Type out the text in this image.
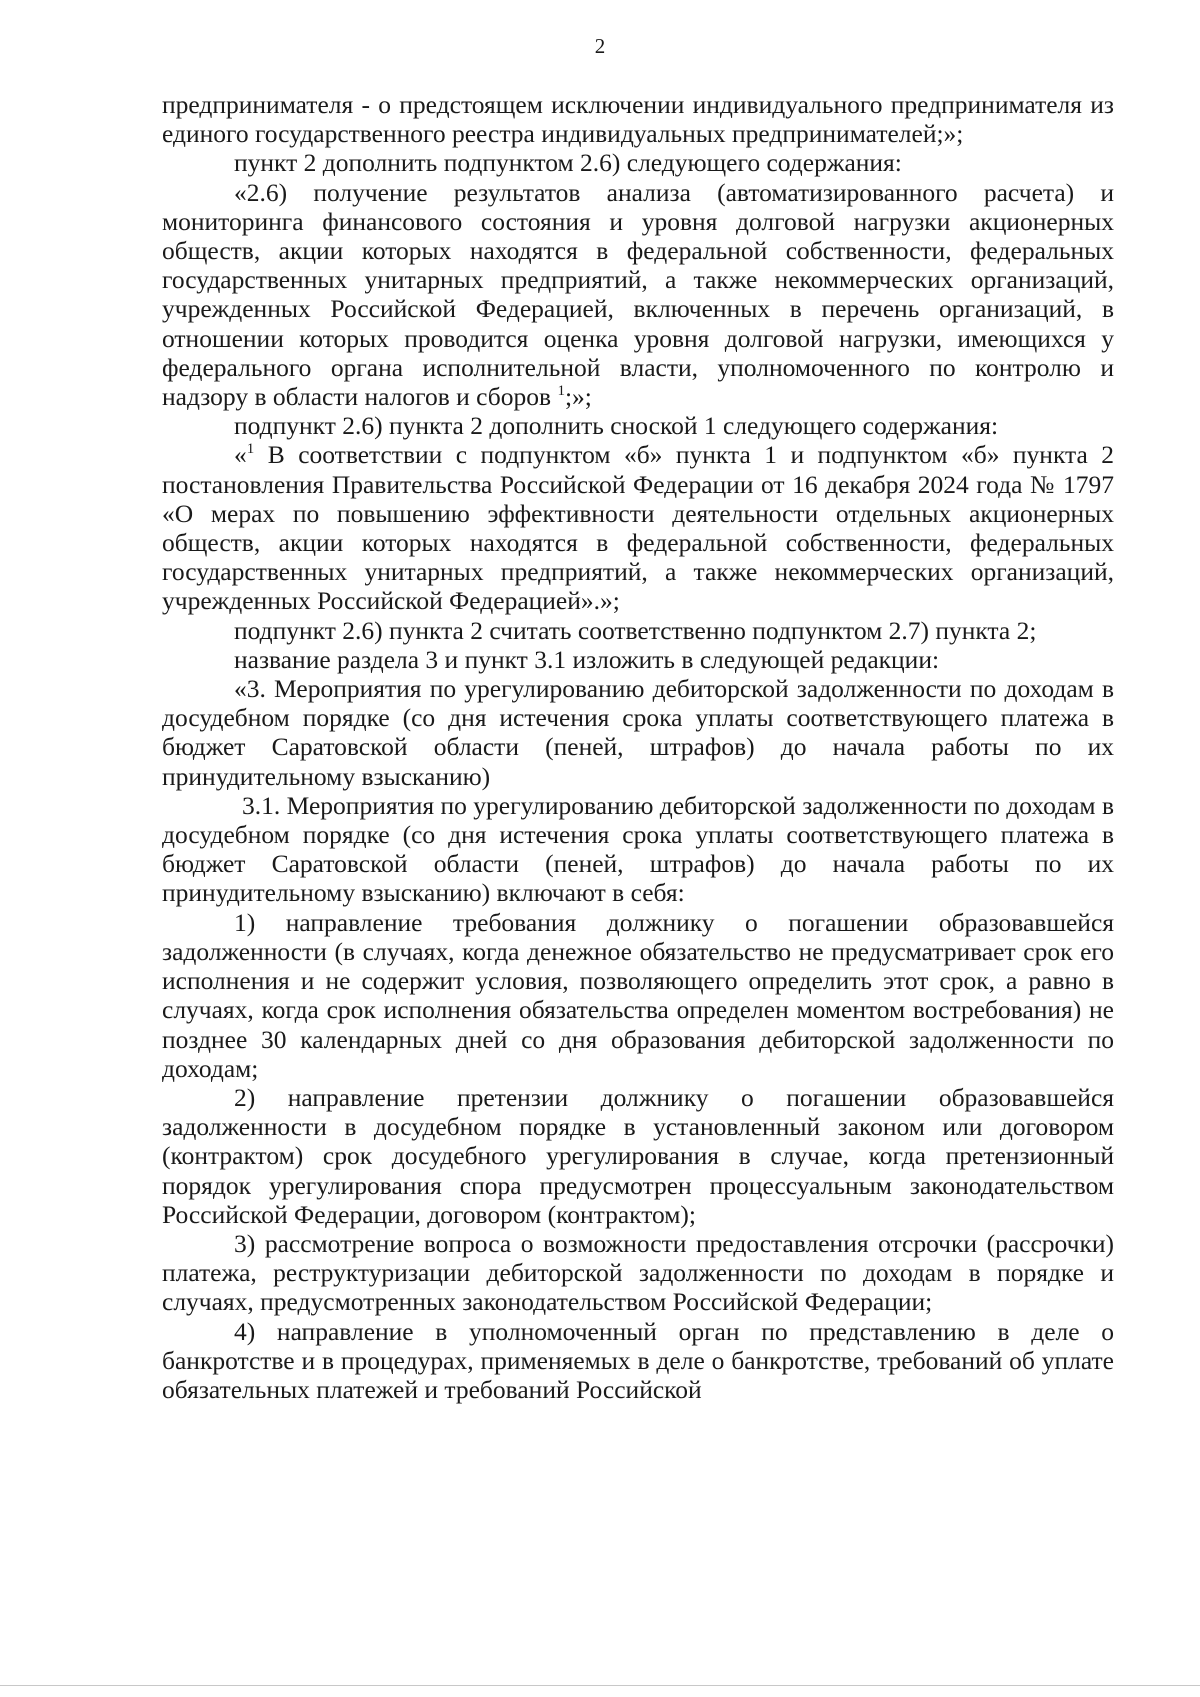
2

предпринимателя - о предстоящем исключении индивидуального предпринимателя из единого государственного реестра индивидуальных предпринимателей;»;

пункт 2 дополнить подпунктом 2.6) следующего содержания:

«2.6) получение результатов анализа (автоматизированного расчета) и мониторинга финансового состояния и уровня долговой нагрузки акционерных обществ, акции которых находятся в федеральной собственности, федеральных государственных унитарных предприятий, а также некоммерческих организаций, учрежденных Российской Федерацией, включенных в перечень организаций, в отношении которых проводится оценка уровня долговой нагрузки, имеющихся у федерального органа исполнительной власти, уполномоченного по контролю и надзору в области налогов и сборов $^1$;»;

подпункт 2.6) пункта 2 дополнить сноской 1 следующего содержания:

«$^1$ В соответствии с подпунктом «б» пункта 1 и подпунктом «б» пункта 2 постановления Правительства Российской Федерации от 16 декабря 2024 года № 1797 «О мерах по повышению эффективности деятельности отдельных акционерных обществ, акции которых находятся в федеральной собственности, федеральных государственных унитарных предприятий, а также некоммерческих организаций, учрежденных Российской Федерацией».»;

подпункт 2.6) пункта 2 считать соответственно подпунктом 2.7) пункта 2;

название раздела 3 и пункт 3.1 изложить в следующей редакции:

«3. Мероприятия по урегулированию дебиторской задолженности по доходам в досудебном порядке (со дня истечения срока уплаты соответствующего платежа в бюджет Саратовской области (пеней, штрафов) до начала работы по их принудительному взысканию)

3.1. Мероприятия по урегулированию дебиторской задолженности по доходам в досудебном порядке (со дня истечения срока уплаты соответствующего платежа в бюджет Саратовской области (пеней, штрафов) до начала работы по их принудительному взысканию) включают в себя:

1) направление требования должнику о погашении образовавшейся задолженности (в случаях, когда денежное обязательство не предусматривает срок его исполнения и не содержит условия, позволяющего определить этот срок, а равно в случаях, когда срок исполнения обязательства определен моментом востребования) не позднее 30 календарных дней со дня образования дебиторской задолженности по доходам;

2) направление претензии должнику о погашении образовавшейся задолженности в досудебном порядке в установленный законом или договором (контрактом) срок досудебного урегулирования в случае, когда претензионный порядок урегулирования спора предусмотрен процессуальным законодательством Российской Федерации, договором (контрактом);

3) рассмотрение вопроса о возможности предоставления отсрочки (рассрочки) платежа, реструктуризации дебиторской задолженности по доходам в порядке и случаях, предусмотренных законодательством Российской Федерации;

4) направление в уполномоченный орган по представлению в деле о банкротстве и в процедурах, применяемых в деле о банкротстве, требований об уплате обязательных платежей и требований Российской
